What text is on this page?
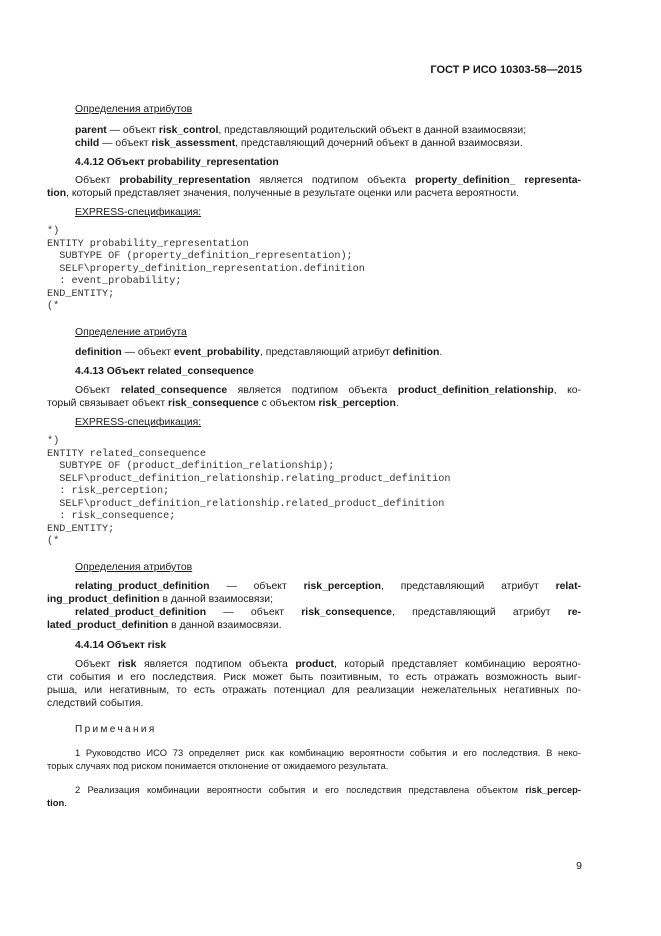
ГОСТ Р ИСО 10303-58—2015
Определения атрибутов
parent — объект risk_control, представляющий родительский объект в данной взаимосвязи;
child — объект risk_assessment, представляющий дочерний объект в данной взаимосвязи.
4.4.12 Объект probability_representation
Объект probability_representation является подтипом объекта property_definition_ representa-
tion, который представляет значения, полученные в результате оценки или расчета вероятности.
EXPRESS-спецификация:
*)
ENTITY probability_representation
SUBTYPE OF (property_definition_representation);
SELF\property_definition_representation.definition
: event_probability;
END_ENTITY;
(*
Определение атрибута
definition — объект event_probability, представляющий атрибут definition.
4.4.13 Объект related_consequence
Объект related_consequence является подтипом объекта product_definition_relationship, ко-
торый связывает объект risk_consequence с объектом risk_perception.
EXPRESS-спецификация:
*)
ENTITY related_consequence
SUBTYPE OF (product_definition_relationship);
SELF\product_definition_relationship.relating_product_definition
: risk_perception;
SELF\product_definition_relationship.related_product_definition
: risk_consequence;
END_ENTITY;
(*
Определения атрибутов
relating_product_definition — объект risk_perception, представляющий атрибут relat-
ing_product_definition в данной взаимосвязи;
related_product_definition — объект risk_consequence, представляющий атрибут re-
lated_product_definition в данной взаимосвязи.
4.4.14 Объект risk
Объект risk является подтипом объекта product, который представляет комбинацию вероятно-
сти события и его последствия. Риск может быть позитивным, то есть отражать возможность выиг-
рыша, или негативным, то есть отражать потенциал для реализации нежелательных негативных по-
следствий события.
Примечания
1 Руководство ИСО 73 определяет риск как комбинацию вероятности события и его последствия. В неко-
торых случаях под риском понимается отклонение от ожидаемого результата.
2 Реализация комбинации вероятности события и его последствия представлена объектом risk_percep-
tion.
9
